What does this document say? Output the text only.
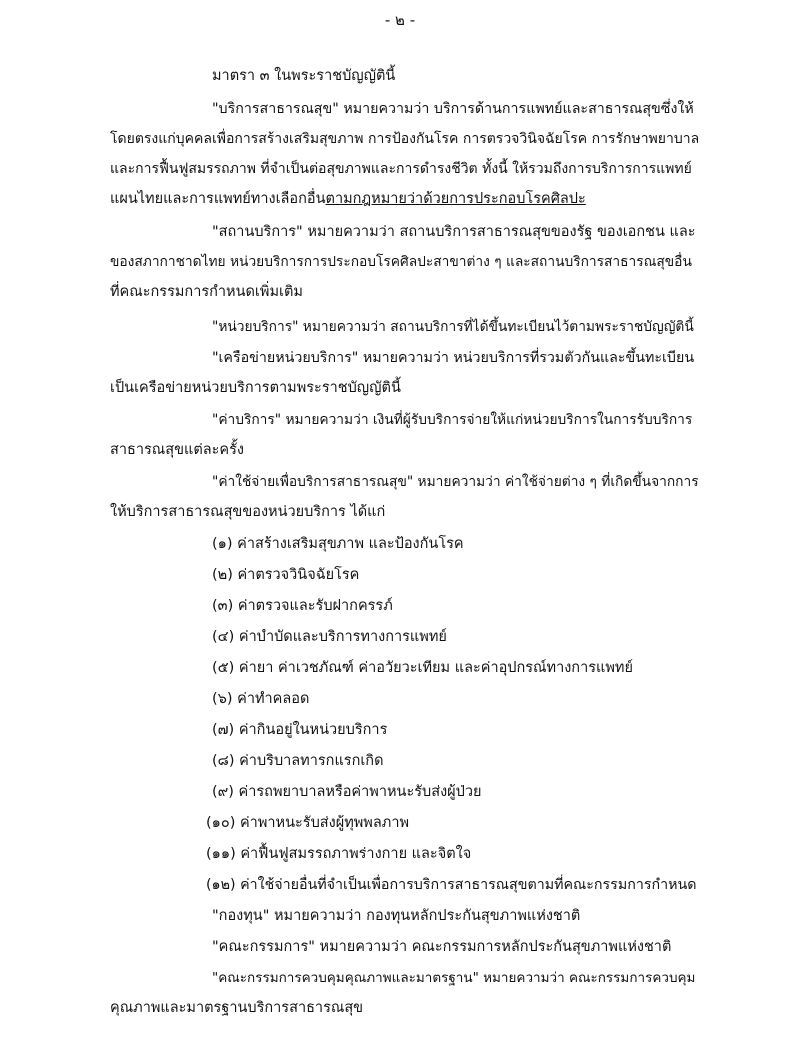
- ๒ -
มาตรา ๓ ในพระราชบัญญัตินี้
"บริการสาธารณสุข" หมายความว่า บริการด้านการแพทย์และสาธารณสุขซึ่งให้
โดยตรงแก่บุคคลเพื่อการสร้างเสริมสุขภาพ การป้องกันโรค การตรวจวินิจฉัยโรค การรักษาพยาบาล
และการฟื้นฟูสมรรถภาพ ที่จำเป็นต่อสุขภาพและการดำรงชีวิต ทั้งนี้ ให้รวมถึงการบริการการแพทย์
แผนไทยและการแพทย์ทางเลือกอื่นตามกฎหมายว่าด้วยการประกอบโรคศิลปะ
"สถานบริการ" หมายความว่า สถานบริการสาธารณสุขของรัฐ ของเอกชน และ
ของสภากาชาดไทย หน่วยบริการการประกอบโรคศิลปะสาขาต่าง ๆ และสถานบริการสาธารณสุขอื่น
ที่คณะกรรมการกำหนดเพิ่มเติม
"หน่วยบริการ" หมายความว่า สถานบริการที่ได้ขึ้นทะเบียนไว้ตามพระราชบัญญัตินี้
"เครือข่ายหน่วยบริการ" หมายความว่า หน่วยบริการที่รวมตัวกันและขึ้นทะเบียน
เป็นเครือข่ายหน่วยบริการตามพระราชบัญญัตินี้
"ค่าบริการ" หมายความว่า เงินที่ผู้รับบริการจ่ายให้แก่หน่วยบริการในการรับบริการ
สาธารณสุขแต่ละครั้ง
"ค่าใช้จ่ายเพื่อบริการสาธารณสุข" หมายความว่า ค่าใช้จ่ายต่าง ๆ ที่เกิดขึ้นจากการ
ให้บริการสาธารณสุขของหน่วยบริการ ได้แก่
(๑) ค่าสร้างเสริมสุขภาพ และป้องกันโรค
(๒) ค่าตรวจวินิจฉัยโรค
(๓) ค่าตรวจและรับฝากครรภ์
(๔) ค่าบำบัดและบริการทางการแพทย์
(๕) ค่ายา ค่าเวชภัณฑ์ ค่าอวัยวะเทียม และค่าอุปกรณ์ทางการแพทย์
(๖) ค่าทำคลอด
(๗) ค่ากินอยู่ในหน่วยบริการ
(๘) ค่าบริบาลทารกแรกเกิด
(๙) ค่ารถพยาบาลหรือค่าพาหนะรับส่งผู้ป่วย
(๑๐) ค่าพาหนะรับส่งผู้ทุพพลภาพ
(๑๑) ค่าฟื้นฟูสมรรถภาพร่างกาย และจิตใจ
(๑๒) ค่าใช้จ่ายอื่นที่จำเป็นเพื่อการบริการสาธารณสุขตามที่คณะกรรมการกำหนด
"กองทุน" หมายความว่า กองทุนหลักประกันสุขภาพแห่งชาติ
"คณะกรรมการ" หมายความว่า คณะกรรมการหลักประกันสุขภาพแห่งชาติ
"คณะกรรมการควบคุมคุณภาพและมาตรฐาน" หมายความว่า คณะกรรมการควบคุม
คุณภาพและมาตรฐานบริการสาธารณสุข
